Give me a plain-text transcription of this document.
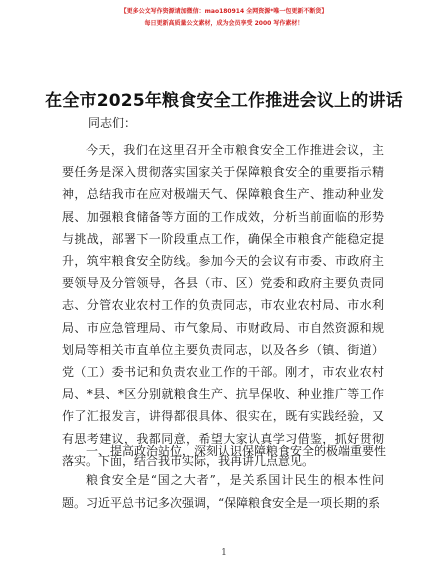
【更多公文写作资源请加微信：mao180914 全网资源*唯一包更新不断货】
每日更新高质量公文素材，成为会员享受 2000 写作素材！
在全市2025年粮食安全工作推进会议上的讲话
同志们：

今天，我们在这里召开全市粮食安全工作推进会议，主要任务是深入贯彻落实国家关于保障粮食安全的重要指示精神，总结我市在应对极端天气、保障粮食生产、推动种业发展、加强粮食储备等方面的工作成效，分析当前面临的形势与挑战，部署下一阶段重点工作，确保全市粮食产能稳定提升，筑牢粮食安全防线。参加今天的会议有市委、市政府主要领导及分管领导，各县（市、区）党委和政府主要负责同志、分管农业农村工作的负责同志，市农业农村局、市水利局、市应急管理局、市气象局、市财政局、市自然资源和规划局等相关市直单位主要负责同志，以及各乡（镇、街道）党（工）委书记和负责农业工作的干部。刚才，市农业农村局、*县、*区分别就粮食生产、抗旱保收、种业推广等工作作了汇报发言，讲得都很具体、很实在，既有实践经验，又有思考建议，我都同意，希望大家认真学习借鉴，抓好贯彻落实。下面，结合我市实际，我再讲几点意见。

一、提高政治站位，深刻认识保障粮食安全的极端重要性

粮食安全是“国之大者”，是关系国计民生的根本性问题。习近平总书记多次强调，“保障粮食安全是一项长期的系

1
